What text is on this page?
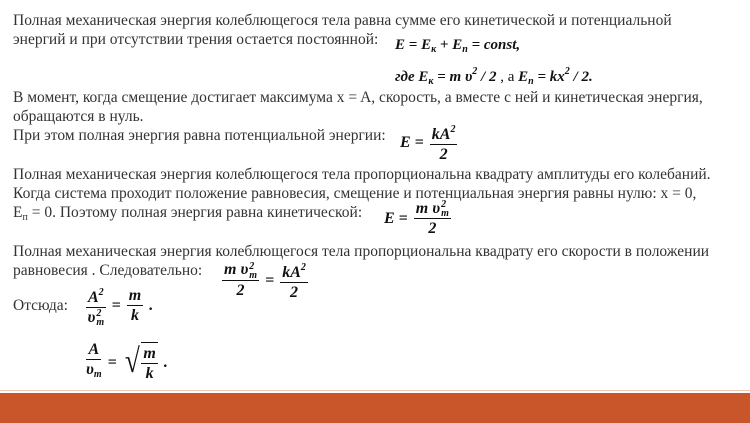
Полная механическая энергия колеблющегося тела равна сумме его кинетической и потенциальной
энергий и при отсутствии трения остается постоянной: $E = E_к + E_п$ = const,
где $E_к = m$ $\upsilon^2 / 2$ , а $E_п = kx^2 / 2$.
В момент, когда смещение достигает максимума x = A, скорость, а вместе с ней и кинетическая энергия,
обращаются в нуль.
При этом полная энергия равна потенциальной энергии: $E = \frac{kA^2}{2}$
Полная механическая энергия колеблющегося тела пропорциональна квадрату амплитуды его колебаний.
Когда система проходит положение равновесия, смещение и потенциальная энергия равны нулю: x = 0,
Eп = 0. Поэтому полная энергия равна кинетической: E = m υ 2
m
2
Полная механическая энергия колеблющегося тела пропорциональна квадрату его скорости в положении
равновесия . Следовательно: m υ 2
m
$2 = \frac{kA^2}{2}$
Отсюда: $A^2$
υ 2
$m = \frac{m}{k}$ .
$\frac{A}{\upsilon_m}$ = √ $\frac{m}{k}$ .
